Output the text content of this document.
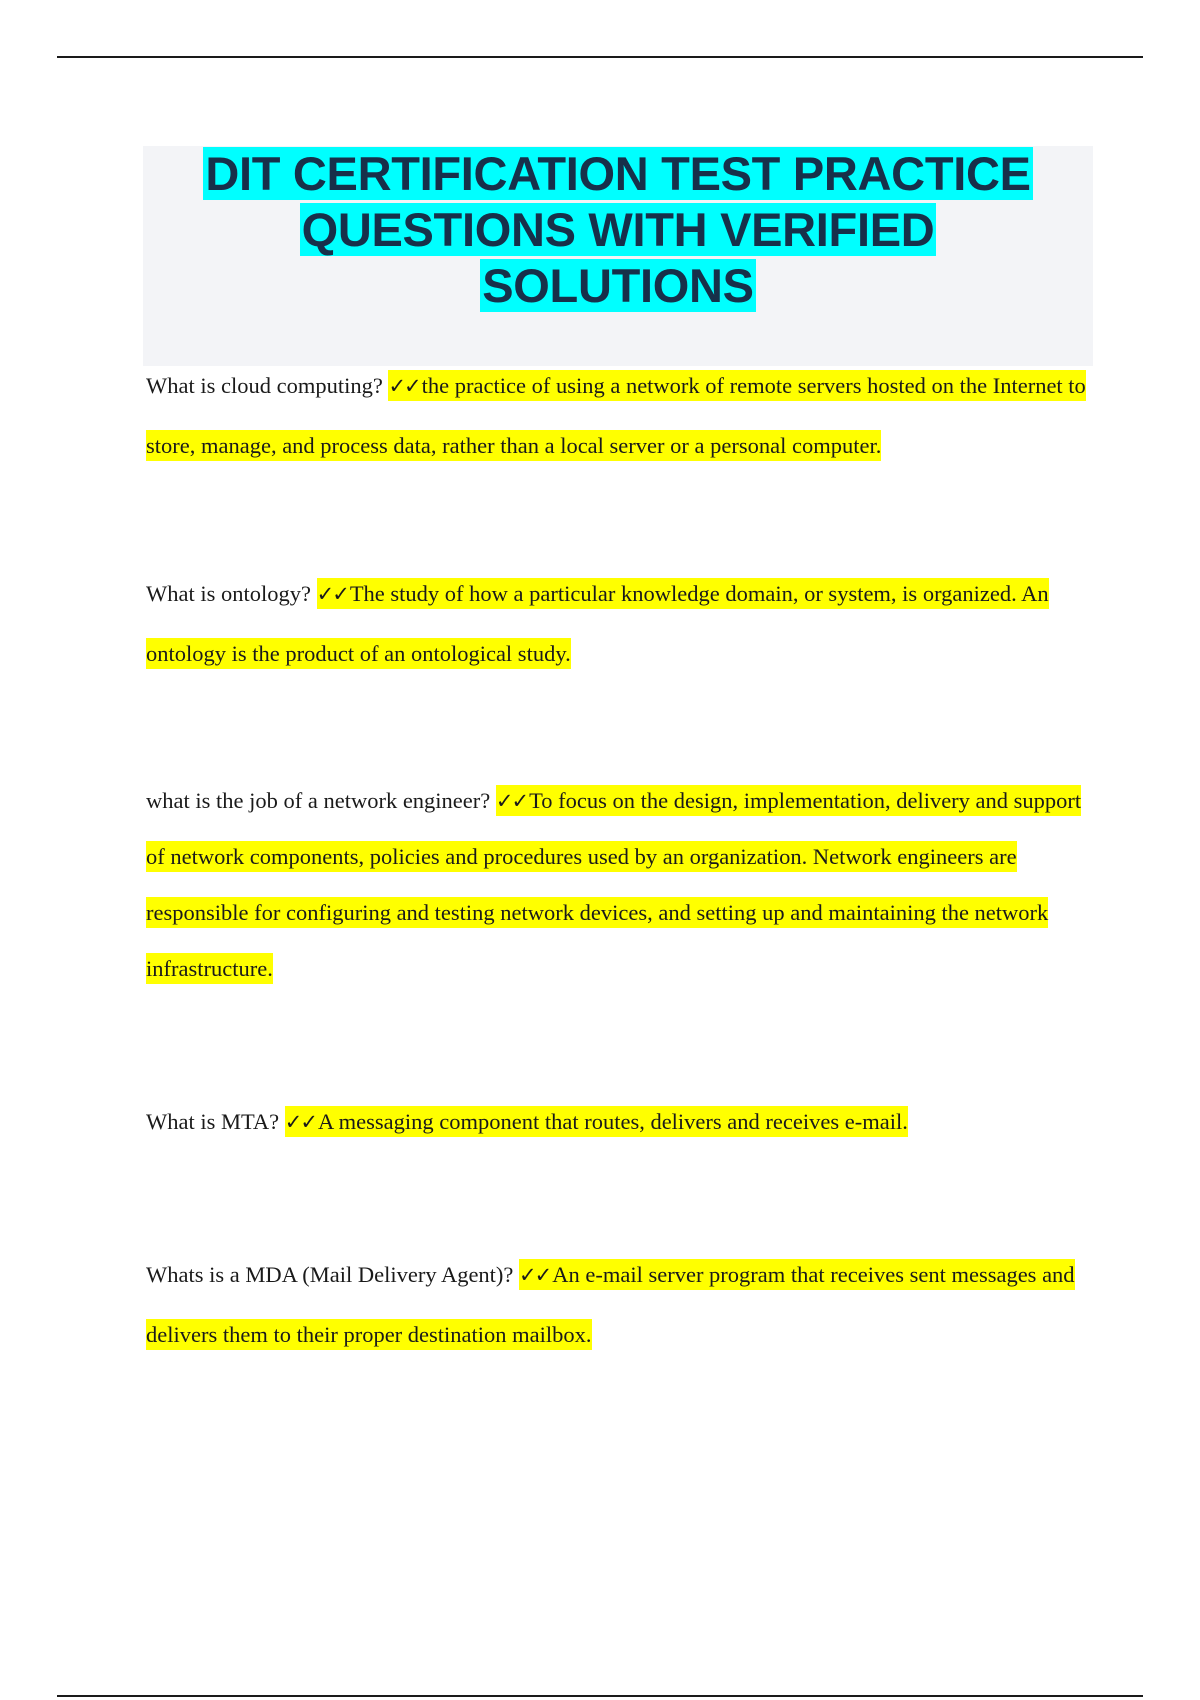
DIT CERTIFICATION TEST PRACTICE
QUESTIONS WITH VERIFIED
SOLUTIONS

What is cloud computing? ✓✓the practice of using a network of remote servers hosted on the Internet to store, manage, and process data, rather than a local server or a personal computer.

What is ontology? ✓✓The study of how a particular knowledge domain, or system, is organized. An ontology is the product of an ontological study.

what is the job of a network engineer? ✓✓To focus on the design, implementation, delivery and support of network components, policies and procedures used by an organization. Network engineers are responsible for configuring and testing network devices, and setting up and maintaining the network infrastructure.

What is MTA? ✓✓A messaging component that routes, delivers and receives e-mail.

Whats is a MDA (Mail Delivery Agent)? ✓✓An e-mail server program that receives sent messages and delivers them to their proper destination mailbox.
